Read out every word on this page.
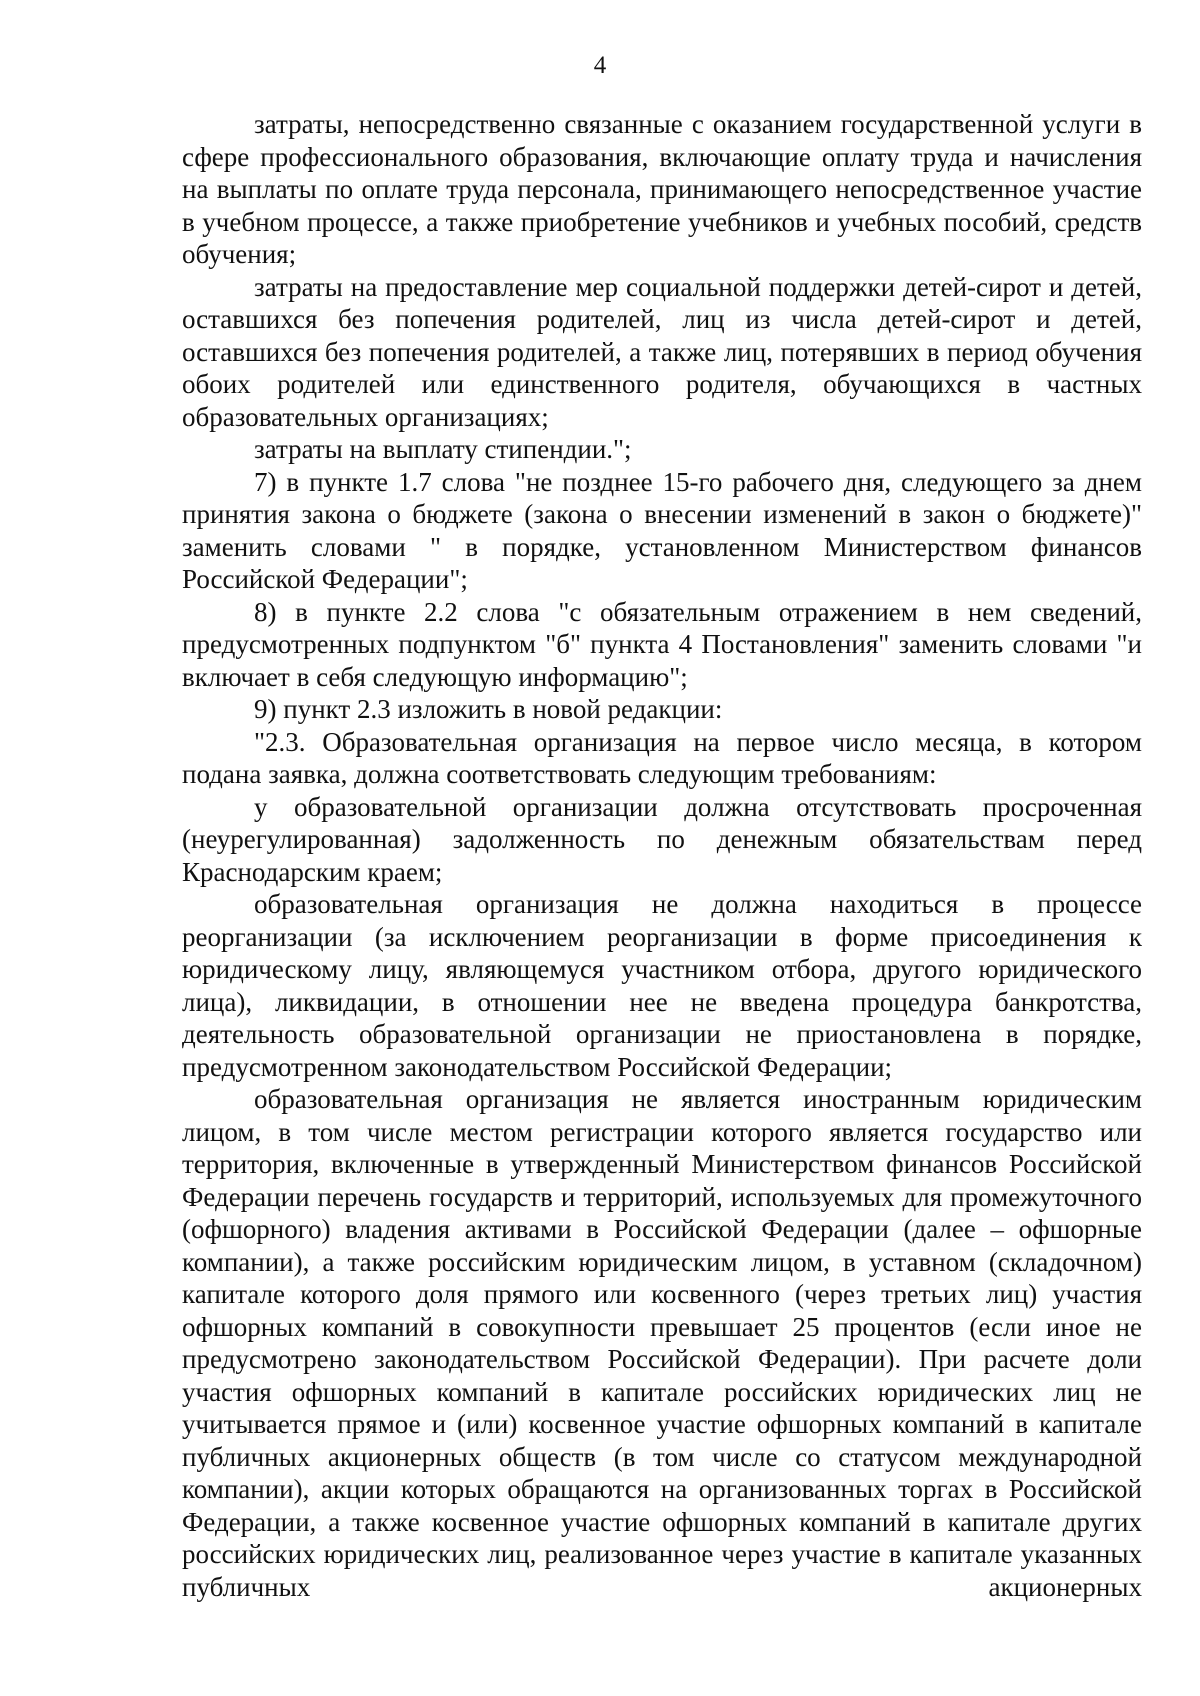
4

затраты, непосредственно связанные с оказанием государственной услуги в сфере профессионального образования, включающие оплату труда и начисления на выплаты по оплате труда персонала, принимающего непосредственное участие в учебном процессе, а также приобретение учебников и учебных пособий, средств обучения;

затраты на предоставление мер социальной поддержки детей-сирот и детей, оставшихся без попечения родителей, лиц из числа детей-сирот и детей, оставшихся без попечения родителей, а также лиц, потерявших в период обучения обоих родителей или единственного родителя, обучающихся в частных образовательных организациях;

затраты на выплату стипендии.";

7) в пункте 1.7 слова "не позднее 15-го рабочего дня, следующего за днем принятия закона о бюджете (закона о внесении изменений в закон о бюджете)" заменить словами " в порядке, установленном Министерством финансов Российской Федерации";

8) в пункте 2.2 слова "с обязательным отражением в нем сведений, предусмотренных подпунктом "б" пункта 4 Постановления" заменить словами "и включает в себя следующую информацию";

9) пункт 2.3 изложить в новой редакции:

"2.3. Образовательная организация на первое число месяца, в котором подана заявка, должна соответствовать следующим требованиям:

у образовательной организации должна отсутствовать просроченная (неурегулированная) задолженность по денежным обязательствам перед Краснодарским краем;

образовательная организация не должна находиться в процессе реорганизации (за исключением реорганизации в форме присоединения к юридическому лицу, являющемуся участником отбора, другого юридического лица), ликвидации, в отношении нее не введена процедура банкротства, деятельность образовательной организации не приостановлена в порядке, предусмотренном законодательством Российской Федерации;

образовательная организация не является иностранным юридическим лицом, в том числе местом регистрации которого является государство или территория, включенные в утвержденный Министерством финансов Российской Федерации перечень государств и территорий, используемых для промежуточного (офшорного) владения активами в Российской Федерации (далее – офшорные компании), а также российским юридическим лицом, в уставном (складочном) капитале которого доля прямого или косвенного (через третьих лиц) участия офшорных компаний в совокупности превышает 25 процентов (если иное не предусмотрено законодательством Российской Федерации). При расчете доли участия офшорных компаний в капитале российских юридических лиц не учитывается прямое и (или) косвенное участие офшорных компаний в капитале публичных акционерных обществ (в том числе со статусом международной компании), акции которых обращаются на организованных торгах в Российской Федерации, а также косвенное участие офшорных компаний в капитале других российских юридических лиц, реализованное через участие в капитале указанных публичных акционерных
